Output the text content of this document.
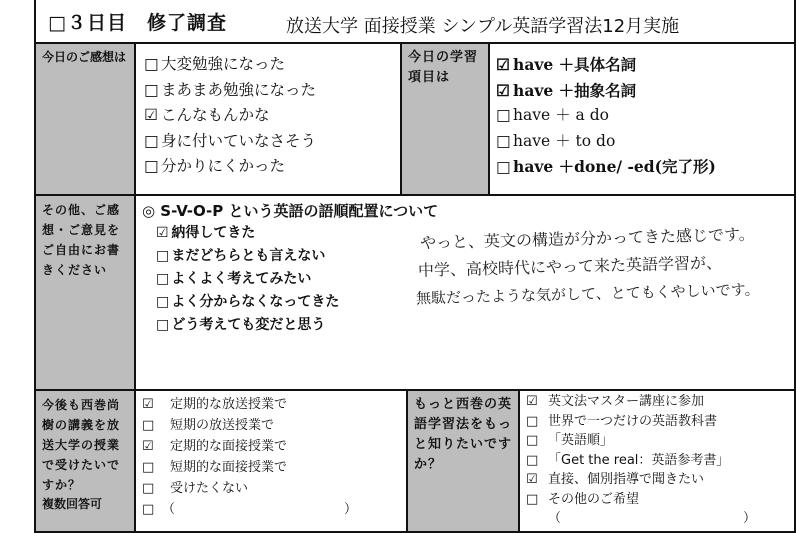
□３日目　修了調査	放送大学 面接授業 シンプル英語学習法12月実施
今日のご感想は	今日の学習項目は
その他、ご感想・ご意見をご自由にお書きください
今後も西巻尚樹の講義を放送大学の授業で受けたいですか？
複数回答可
もっと西巻の英語学習法をもっと知りたいですか？
□ 大変勉強になった
□ まあまあ勉強になった
☑ こんなもんかな
□ 身に付いていなさそう
□ 分かりにくかった
☑ have ＋具体名詞
☑ have ＋抽象名詞
□ have ＋ a do
□ have ＋ to do
□ have ＋done/ -ed(完了形)
◎ S-V-O-P という英語の語順配置について
☑ 納得してきた
□ まだどちらとも言えない
□ よくよく考えてみたい
□ よく分からなくなってきた
□ どう考えても変だと思う
やっと、英文の構造が分かってきた感じです。
中学、高校時代にやって来た英語学習が、
無駄だったような気がして、とてもくやしいです。
☑ 定期的な放送授業で
□ 短期の放送授業で
☑ 定期的な面接授業で
□ 短期的な面接授業で
□ 受けたくない
□ （　　　　　　　　　　　　　）
☑ 英文法マスター講座に参加
□ 世界で一つだけの英語教科書
□ 「英語順」
□ 「Get the real：英語参考書」
☑ 直接、個別指導で聞きたい
□ その他のご希望
（　　　　　　　　　　　　　　）
